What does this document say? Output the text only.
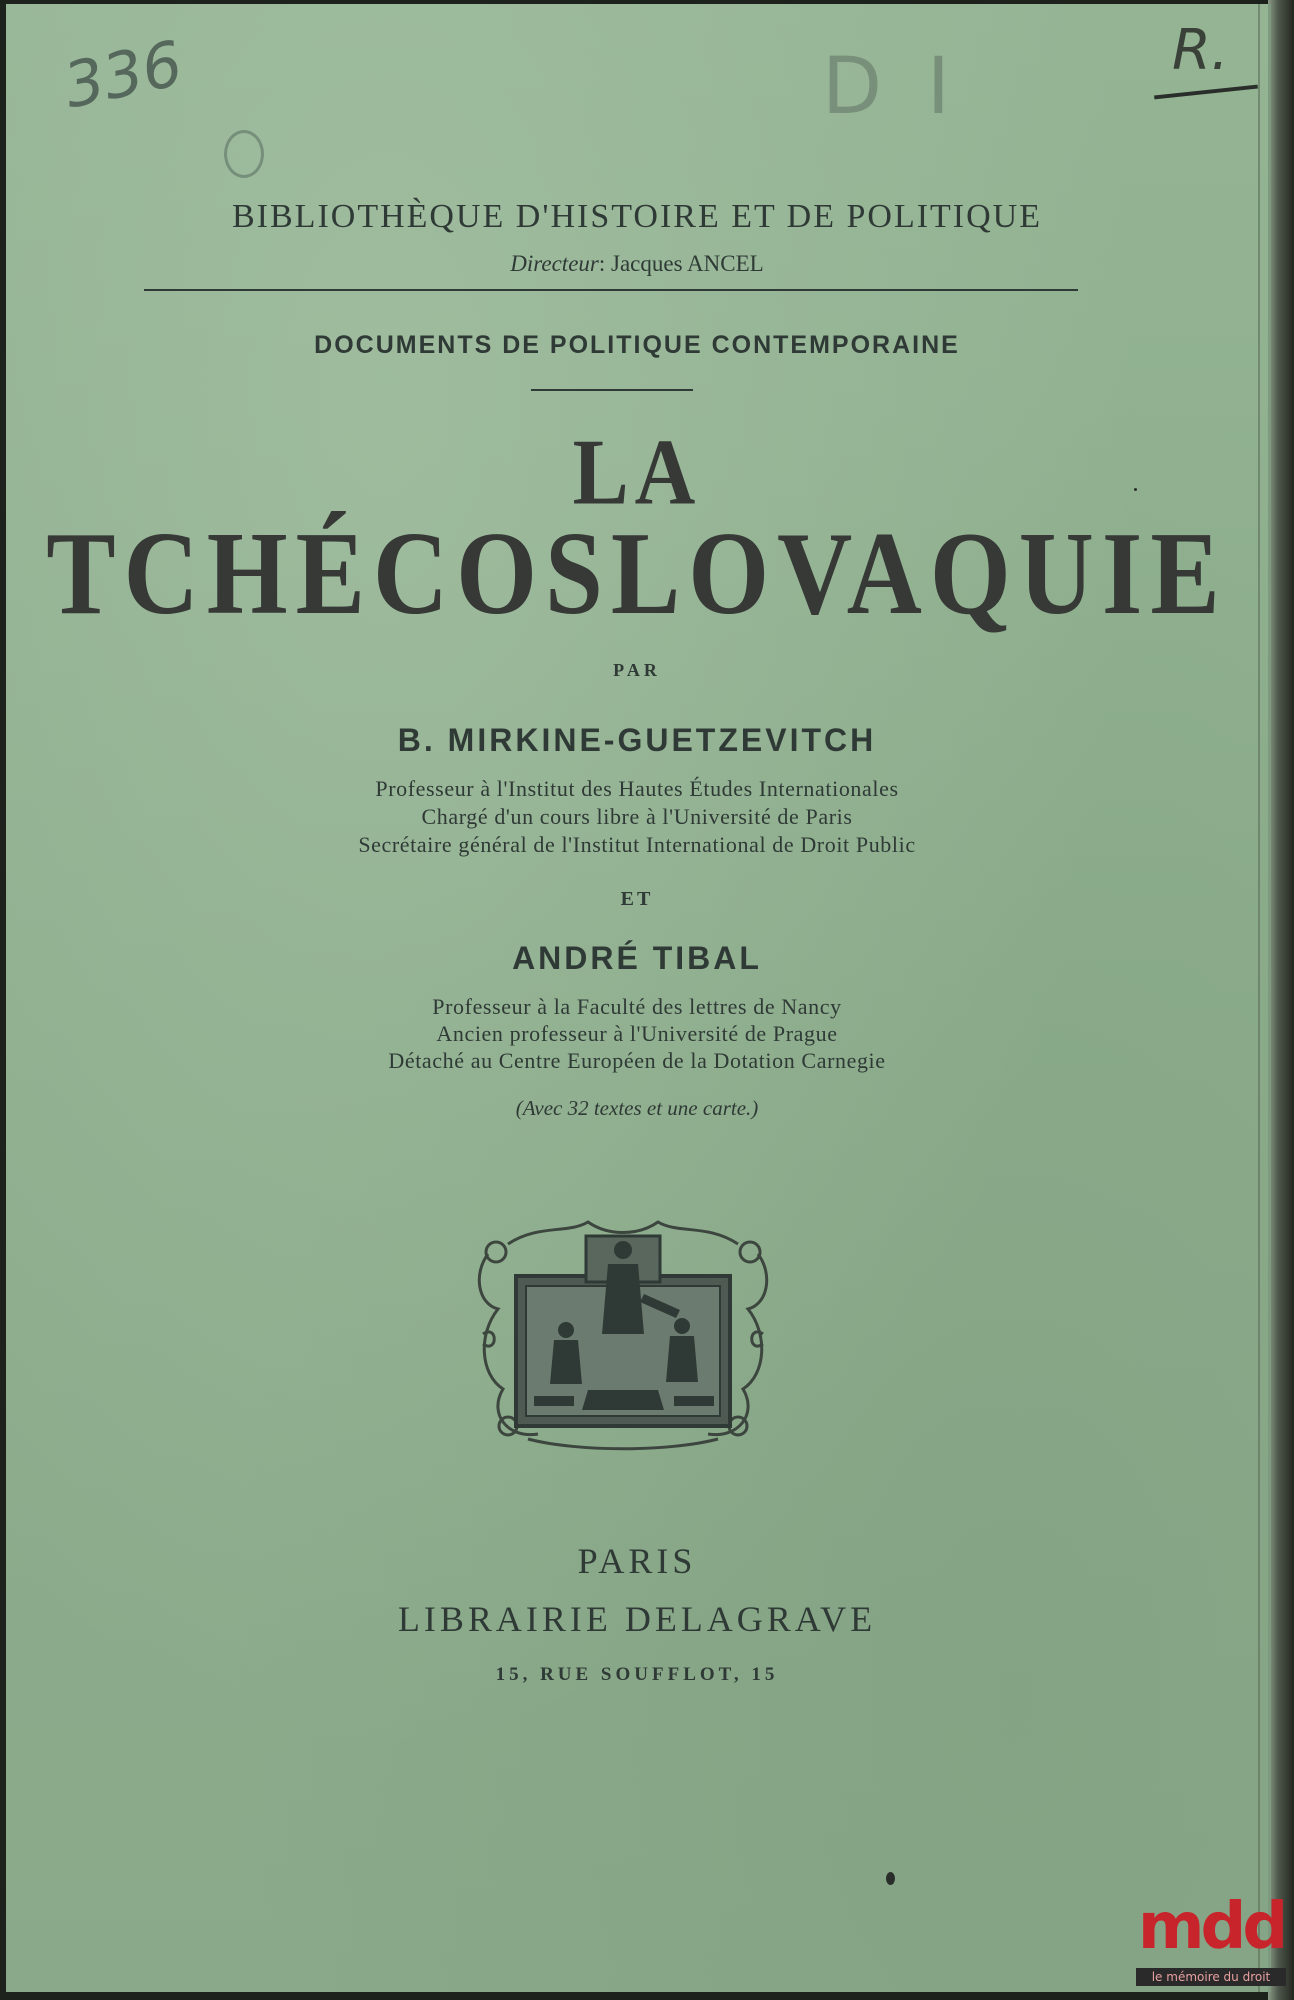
336	D I	R.
BIBLIOTHÈQUE D'HISTOIRE ET DE POLITIQUE
Directeur: Jacques ANCEL
DOCUMENTS DE POLITIQUE CONTEMPORAINE
LA
TCHÉCOSLOVAQUIE
PAR
B. MIRKINE-GUETZEVITCH
Professeur à l'Institut des Hautes Études Internationales
Chargé d'un cours libre à l'Université de Paris
Secrétaire général de l'Institut International de Droit Public
ET
ANDRÉ TIBAL
Professeur à la Faculté des lettres de Nancy
Ancien professeur à l'Université de Prague
Détaché au Centre Européen de la Dotation Carnegie
(Avec 32 textes et une carte.)
PARIS
LIBRAIRIE DELAGRAVE
15, RUE SOUFFLOT, 15
mdd
le mémoire du droit
